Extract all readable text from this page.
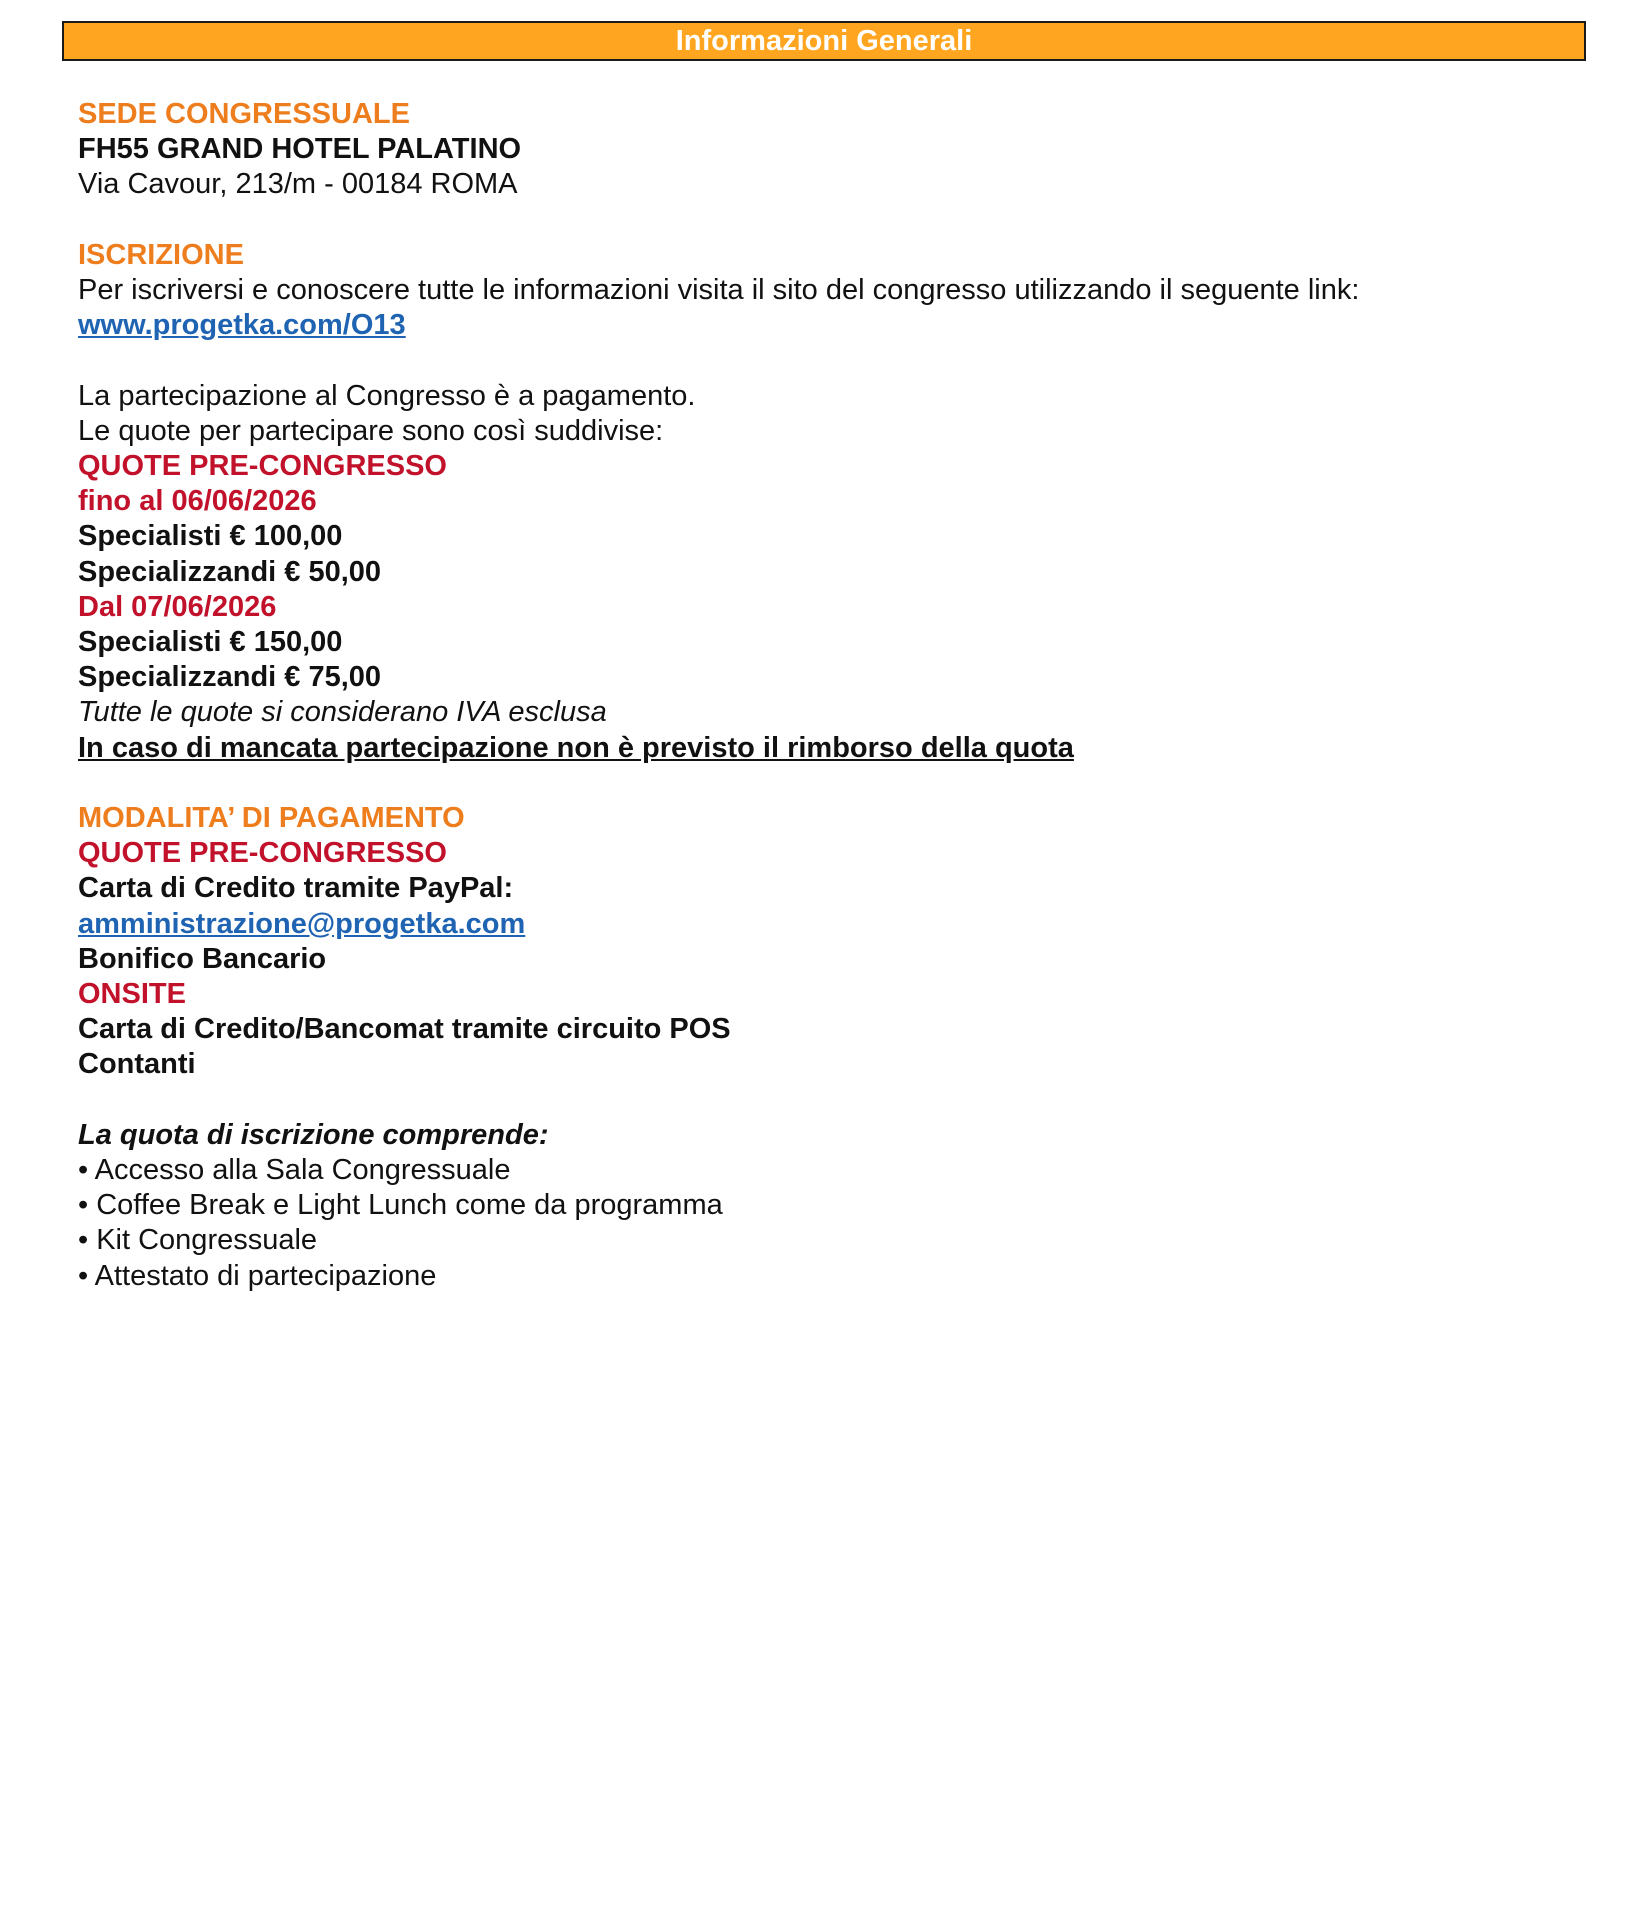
Informazioni Generali
SEDE CONGRESSUALE
FH55 GRAND HOTEL PALATINO
Via Cavour, 213/m - 00184 ROMA
ISCRIZIONE
Per iscriversi e conoscere tutte le informazioni visita il sito del congresso utilizzando il seguente link:
www.progetka.com/O13
La partecipazione al Congresso è a pagamento.
Le quote per partecipare sono così suddivise:
QUOTE PRE-CONGRESSO
fino al 06/06/2026
Specialisti € 100,00
Specializzandi € 50,00
Dal 07/06/2026
Specialisti € 150,00
Specializzandi € 75,00
Tutte le quote si considerano IVA esclusa
In caso di mancata partecipazione non è previsto il rimborso della quota
MODALITA’ DI PAGAMENTO
QUOTE PRE-CONGRESSO
Carta di Credito tramite PayPal:
amministrazione@progetka.com
Bonifico Bancario
ONSITE
Carta di Credito/Bancomat tramite circuito POS
Contanti
La quota di iscrizione comprende:
• Accesso alla Sala Congressuale
• Coffee Break e Light Lunch come da programma
• Kit Congressuale
• Attestato di partecipazione
